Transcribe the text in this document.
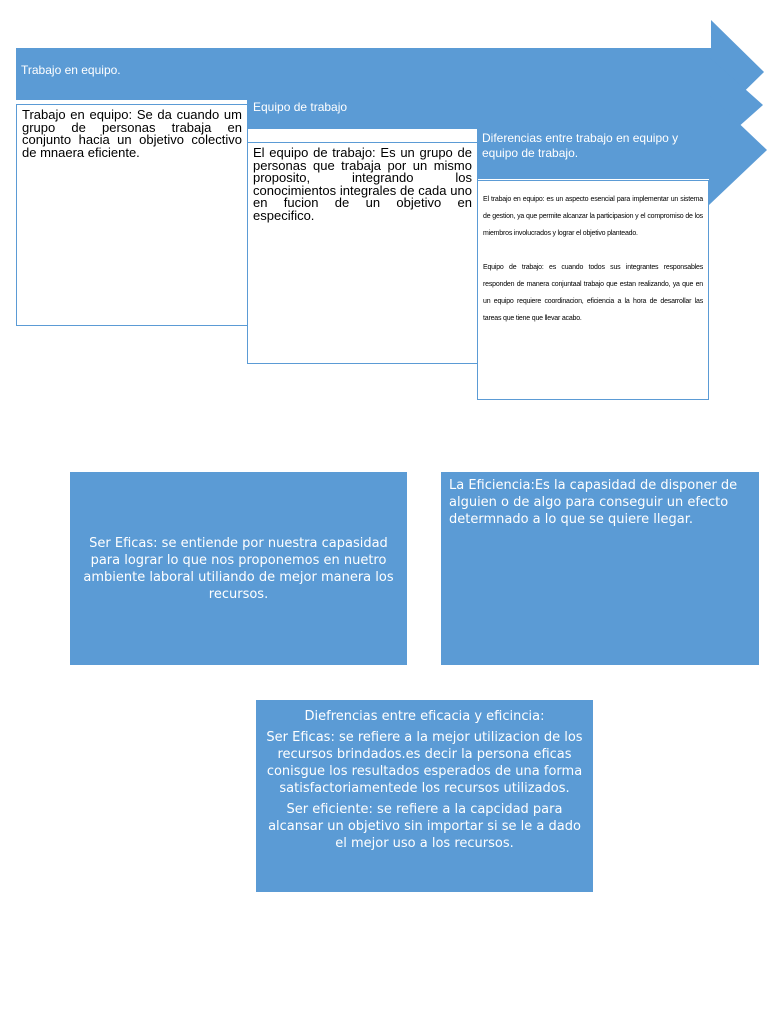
Trabajo en equipo.

Trabajo en equipo: Se da cuando um grupo de personas trabaja en conjunto hacia un objetivo colectivo de mnaera eficiente.

Equipo de trabajo

El equipo de trabajo: Es un grupo de personas que trabaja por un mismo proposito, integrando los conocimientos integrales de cada uno en fucion de un objetivo en especifico.

Diferencias entre trabajo en equipo y equipo de trabajo.

El trabajo en equipo: es un aspecto esencial para implementar un sistema de gestion, ya que permite alcanzar la participasion y el compromiso de los miembros involucrados y lograr el objetivo planteado.

Equipo de trabajo: es cuando todos sus integrantes responsables responden de manera conjuntaal trabajo que estan realizando, ya que en un equipo requiere coordinacion, eficiencia a la hora de desarrollar las tareas que tiene que llevar acabo.

Ser Eficas: se entiende por nuestra capasidad para lograr lo que nos proponemos en nuetro ambiente laboral utiliando de mejor manera los recursos.
La Eficiencia:Es la capasidad de disponer de alguien o de algo para conseguir un efecto determnado a lo que se quiere llegar.
Diefrencias entre eficacia y eficincia:
Ser Eficas: se refiere a la mejor utilizacion de los recursos brindados.es decir la persona eficas conisgue los resultados esperados de una forma satisfactoriamentede los recursos utilizados.
Ser eficiente: se refiere a la capcidad para alcansar un objetivo sin importar si se le a dado el mejor uso a los recursos.
